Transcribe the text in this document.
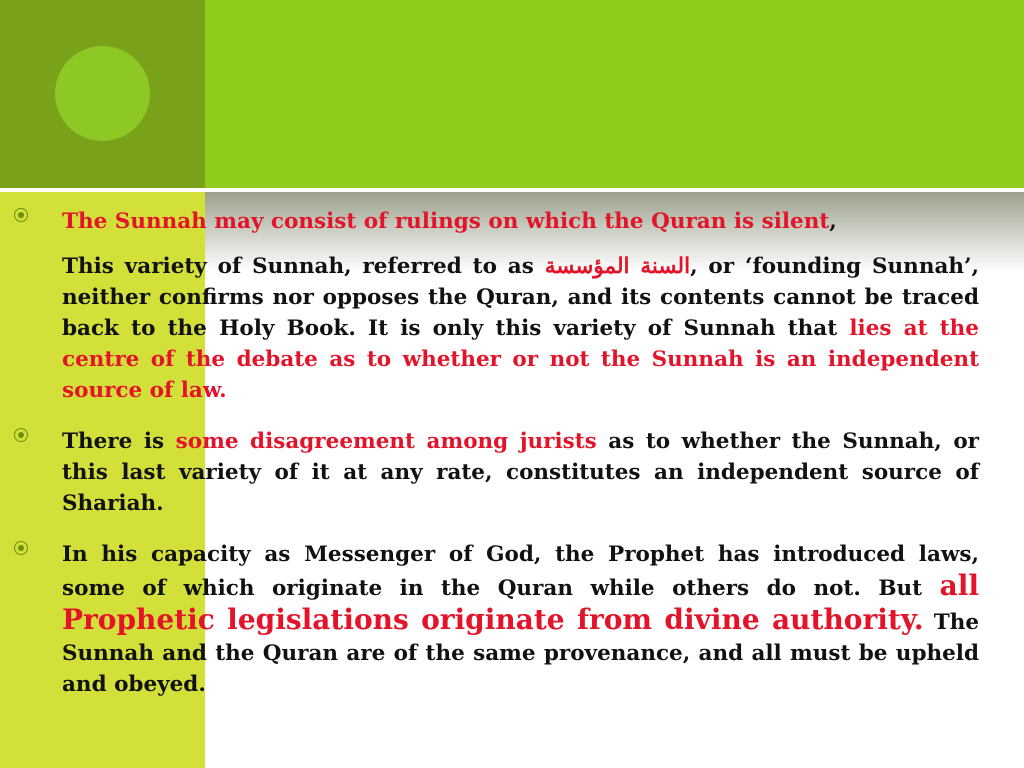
The Sunnah may consist of rulings on which the Quran is silent,
This variety of Sunnah, referred to as السنة المؤسسة, or ‘founding Sunnah’, neither confirms nor opposes the Quran, and its contents cannot be traced back to the Holy Book. It is only this variety of Sunnah that lies at the centre of the debate as to whether or not the Sunnah is an independent source of law.
There is some disagreement among jurists as to whether the Sunnah, or this last variety of it at any rate, constitutes an independent source of Shariah.
In his capacity as Messenger of God, the Prophet has introduced laws, some of which originate in the Quran while others do not. But all Prophetic legislations originate from divine authority. The Sunnah and the Quran are of the same provenance, and all must be upheld and obeyed.
